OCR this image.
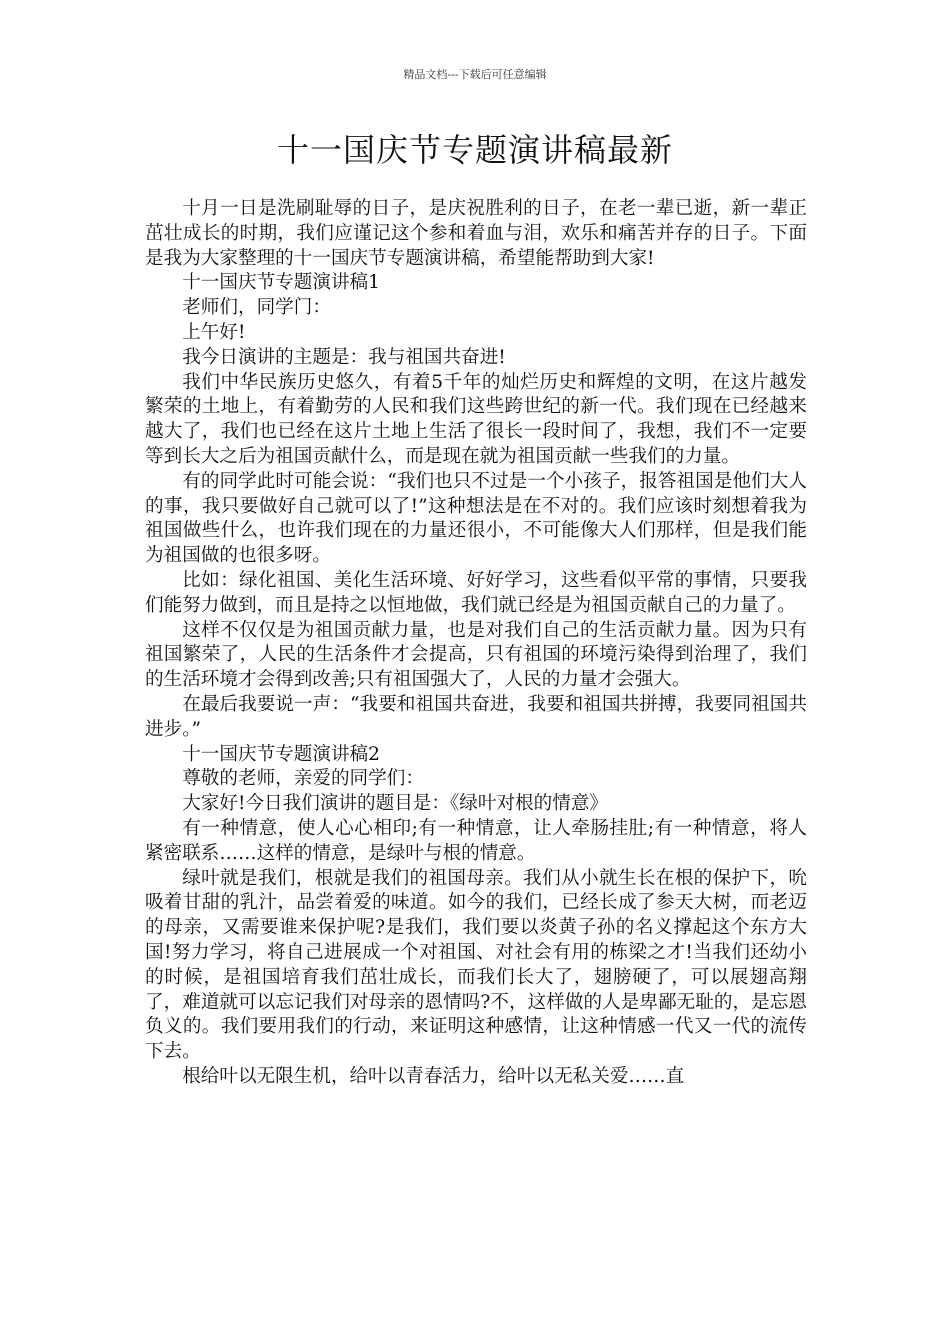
精品文档---下载后可任意编辑
十一国庆节专题演讲稿最新

十月一日是洗刷耻辱的日子，是庆祝胜利的日子，在老一辈已逝，新一辈正茁壮成长的时期，我们应谨记这个参和着血与泪，欢乐和痛苦并存的日子。下面是我为大家整理的十一国庆节专题演讲稿，希望能帮助到大家!

十一国庆节专题演讲稿1

老师们，同学门：

上午好!

我今日演讲的主题是：我与祖国共奋进!

我们中华民族历史悠久，有着5千年的灿烂历史和辉煌的文明，在这片越发繁荣的土地上，有着勤劳的人民和我们这些跨世纪的新一代。我们现在已经越来越大了，我们也已经在这片土地上生活了很长一段时间了，我想，我们不一定要等到长大之后为祖国贡献什么，而是现在就为祖国贡献一些我们的力量。

有的同学此时可能会说：“我们也只不过是一个小孩子，报答祖国是他们大人的事，我只要做好自己就可以了!”这种想法是在不对的。我们应该时刻想着我为祖国做些什么，也许我们现在的力量还很小，不可能像大人们那样，但是我们能为祖国做的也很多呀。

比如：绿化祖国、美化生活环境、好好学习，这些看似平常的事情，只要我们能努力做到，而且是持之以恒地做，我们就已经是为祖国贡献自己的力量了。

这样不仅仅是为祖国贡献力量，也是对我们自己的生活贡献力量。因为只有祖国繁荣了，人民的生活条件才会提高，只有祖国的环境污染得到治理了，我们的生活环境才会得到改善;只有祖国强大了，人民的力量才会强大。

在最后我要说一声：“我要和祖国共奋进，我要和祖国共拼搏，我要同祖国共进步。”

十一国庆节专题演讲稿2

尊敬的老师，亲爱的同学们：

大家好!今日我们演讲的题目是：《绿叶对根的情意》

有一种情意，使人心心相印;有一种情意，让人牵肠挂肚;有一种情意，将人紧密联系……这样的情意，是绿叶与根的情意。

绿叶就是我们，根就是我们的祖国母亲。我们从小就生长在根的保护下，吮吸着甘甜的乳汁，品尝着爱的味道。如今的我们，已经长成了参天大树，而老迈的母亲，又需要谁来保护呢?是我们，我们要以炎黄子孙的名义撑起这个东方大国!努力学习，将自己进展成一个对祖国、对社会有用的栋梁之才!当我们还幼小的时候，是祖国培育我们茁壮成长，而我们长大了，翅膀硬了，可以展翅高翔了，难道就可以忘记我们对母亲的恩情吗?不，这样做的人是卑鄙无耻的，是忘恩负义的。我们要用我们的行动，来证明这种感情，让这种情感一代又一代的流传下去。

根给叶以无限生机，给叶以青春活力，给叶以无私关爱……直
